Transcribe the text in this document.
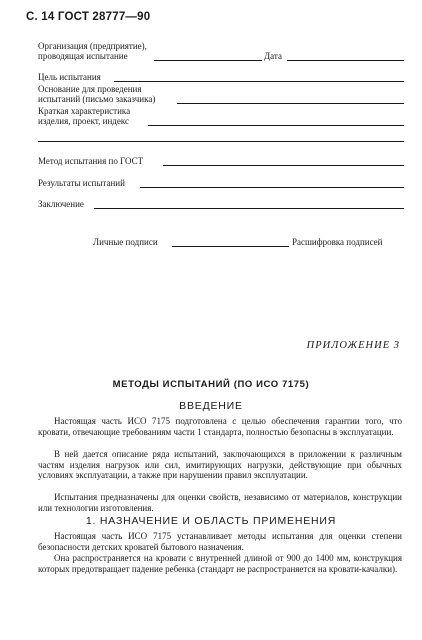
С. 14 ГОСТ 28777—90
Организация (предприятие),
проводящая испытание	Дата
Цель испытания
Основание для проведения
испытаний (письмо заказчика)
Краткая характеристика
изделия, проект, индекс
Метод испытания по ГОСТ
Результаты испытаний
Заключение
Личные подписи	Расшифровка подписей
ПРИЛОЖЕНИЕ 3
МЕТОДЫ ИСПЫТАНИЙ (ПО ИСО 7175)
ВВЕДЕНИЕ

Настоящая часть ИСО 7175 подготовлена с целью обеспечения гарантии того, что кровати, отвечающие требованиям части 1 стандарта, полностью безопасны в эксплуатации.

В ней дается описание ряда испытаний, заключающихся в приложении к различным частям изделия нагрузок или сил, имитирующих нагрузки, действующие при обычных условиях эксплуатации, а также при нарушении правил эксплуатации.

Испытания предназначены для оценки свойств, независимо от материалов, конструкции или технологии изготовления.

1. НАЗНАЧЕНИЕ И ОБЛАСТЬ ПРИМЕНЕНИЯ

Настоящая часть ИСО 7175 устанавливает методы испытания для оценки степени безопасности детских кроватей бытового назначения.

Она распространяется на кровати с внутренней длиной от 900 до 1400 мм, конструкция которых предотвращает падение ребенка (стандарт не распространяется на кровати-качалки).
